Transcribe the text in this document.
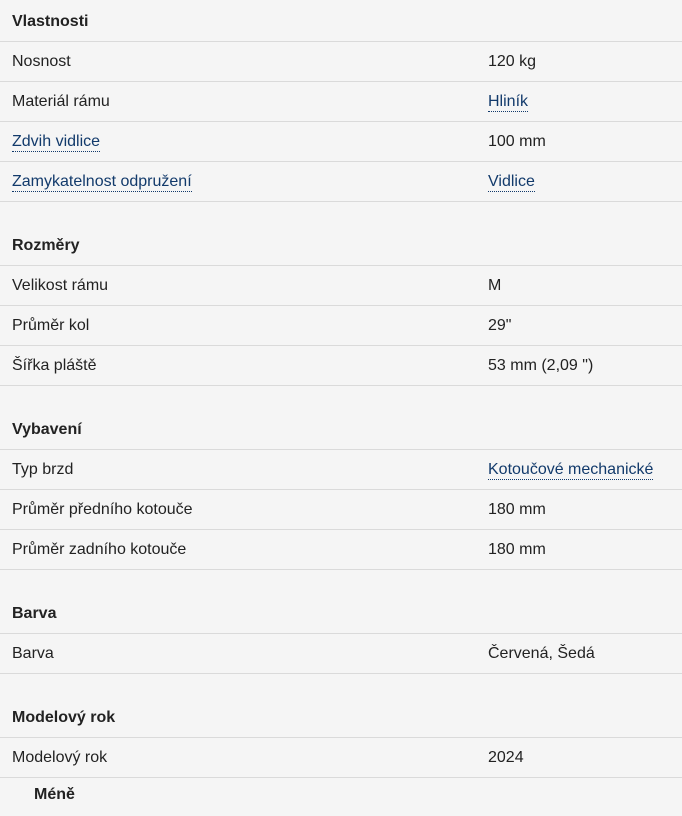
Vlastnosti
Nosnost	120 kg
Materiál rámu	Hliník
Zdvih vidlice	100 mm
Zamykatelnost odpružení	Vidlice
Rozměry
Velikost rámu	M
Průměr kol	29"
Šířka pláště	53 mm (2,09 ")
Vybavení
Typ brzd	Kotoučové mechanické
Průměr předního kotouče	180 mm
Průměr zadního kotouče	180 mm
Barva
Barva	Červená, Šedá
Modelový rok
Modelový rok	2024
Méně
